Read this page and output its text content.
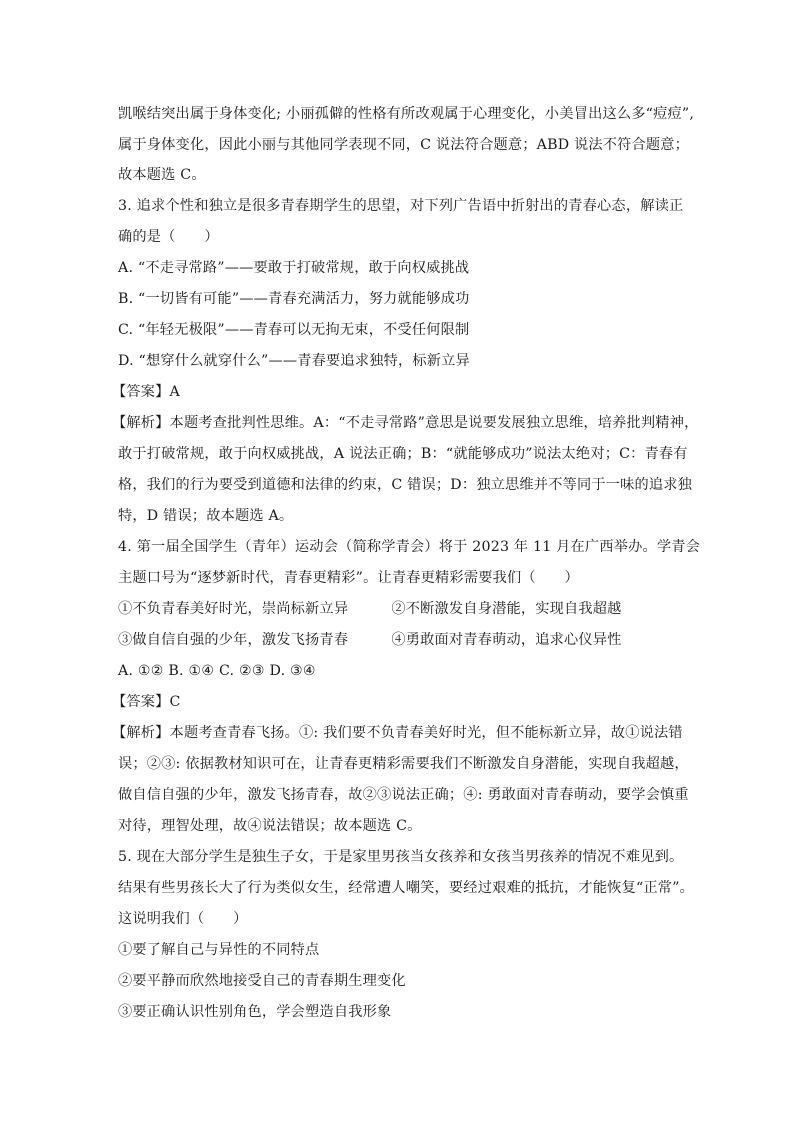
凯喉结突出属于身体变化; 小丽孤僻的性格有所改观属于心理变化，小美冒出这么多“痘痘”,
属于身体变化，因此小丽与其他同学表现不同，C 说法符合题意；ABD 说法不符合题意；
故本题选 C。
3. 追求个性和独立是很多青春期学生的思望，对下列广告语中折射出的青春心态，解读正
确的是（　　）
A. “不走寻常路”——要敢于打破常规，敢于向权威挑战
B. “一切皆有可能”——青春充满活力，努力就能够成功
C. “年轻无极限”——青春可以无拘无束，不受任何限制
D. “想穿什么就穿什么”——青春要追求独特，标新立异
【答案】A
【解析】本题考查批判性思维。A：“不走寻常路”意思是说要发展独立思维，培养批判精神，
敢于打破常规，敢于向权威挑战，A 说法正确；B：“就能够成功”说法太绝对；C：青春有
格，我们的行为要受到道德和法律的约束，C 错误；D：独立思维并不等同于一味的追求独
特，D 错误；故本题选 A。
4. 第一届全国学生（青年）运动会（简称学青会）将于 2023 年 11 月在广西举办。学青会
主题口号为“逐梦新时代，青春更精彩”。让青春更精彩需要我们（　　）
①不负青春美好时光，崇尚标新立异　　　②不断激发自身潜能，实现自我超越
③做自信自强的少年，激发飞扬青春　　　④勇敢面对青春萌动，追求心仪异性
A. ①② B. ①④ C. ②③ D. ③④
【答案】C
【解析】本题考查青春飞扬。①: 我们要不负青春美好时光，但不能标新立异，故①说法错
误；②③: 依据教材知识可在，让青春更精彩需要我们不断激发自身潜能，实现自我超越，
做自信自强的少年，激发飞扬青春，故②③说法正确；④: 勇敢面对青春萌动，要学会慎重
对待，理智处理，故④说法错误；故本题选 C。
5. 现在大部分学生是独生子女，于是家里男孩当女孩养和女孩当男孩养的情况不难见到。
结果有些男孩长大了行为类似女生，经常遭人嘲笑，要经过艰难的抵抗，才能恢复“正常”。
这说明我们（　　）
①要了解自己与异性的不同特点
②要平静而欣然地接受自己的青春期生理变化
③要正确认识性别角色，学会塑造自我形象
